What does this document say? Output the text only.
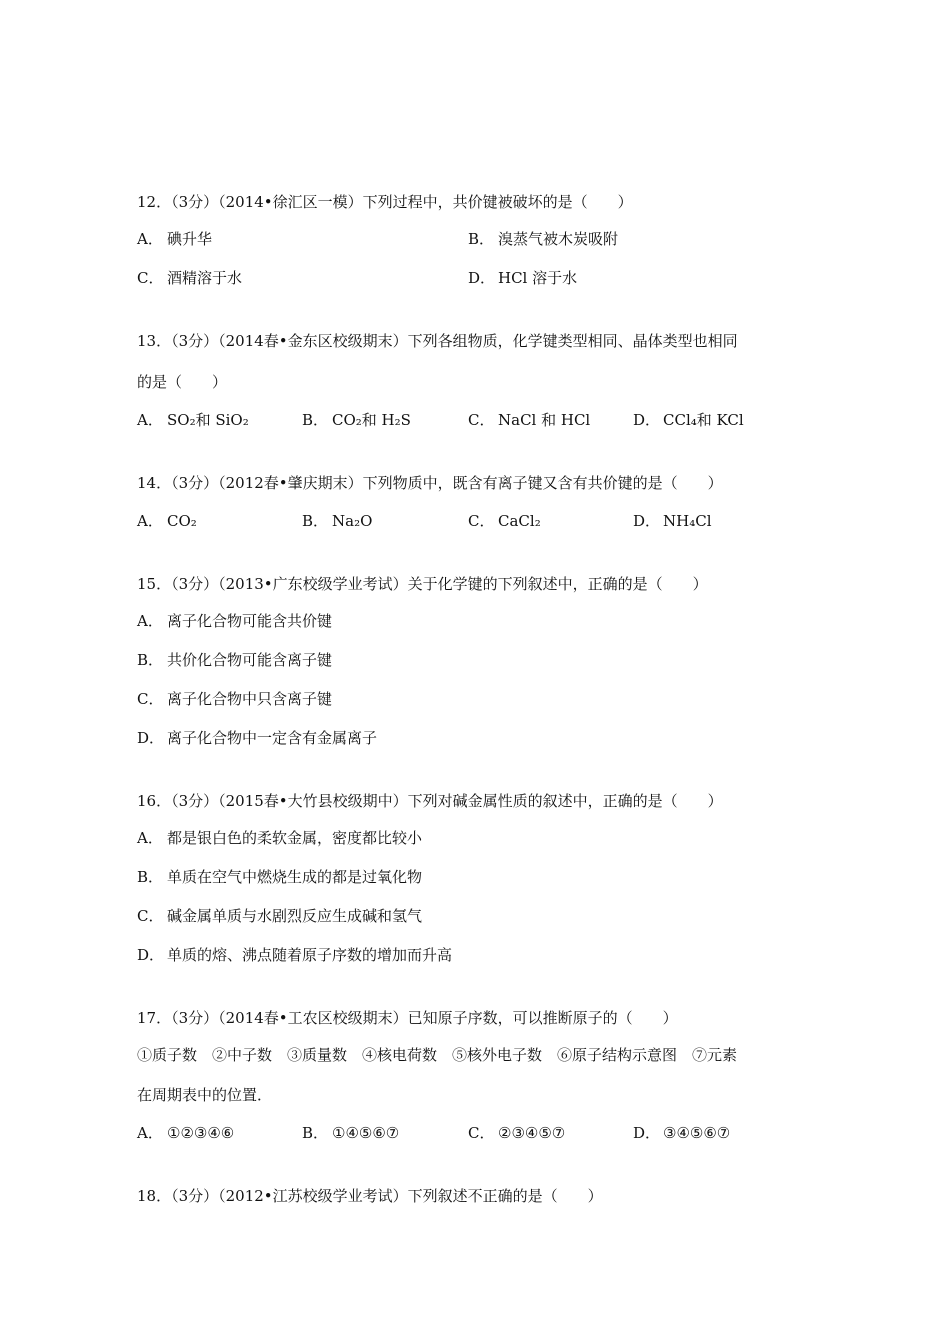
12．（3分）（2014•徐汇区一模）下列过程中，共价键被破坏的是（　　）
A． 碘升华	B． 溴蒸气被木炭吸附
C． 酒精溶于水	D． HCl 溶于水
13．（3分）（2014春•金东区校级期末）下列各组物质，化学键类型相同、晶体类型也相同
的是（　　）
A． SO₂和 SiO₂	B． CO₂和 H₂S	C． NaCl 和 HCl	D． CCl₄和 KCl
14．（3分）（2012春•肇庆期末）下列物质中，既含有离子键又含有共价键的是（　　）
A． CO₂	B． Na₂O	C． CaCl₂	D． NH₄Cl
15．（3分）（2013•广东校级学业考试）关于化学键的下列叙述中，正确的是（　　）
A． 离子化合物可能含共价键
B． 共价化合物可能含离子键
C． 离子化合物中只含离子键
D． 离子化合物中一定含有金属离子
16．（3分）（2015春•大竹县校级期中）下列对碱金属性质的叙述中，正确的是（　　）
A． 都是银白色的柔软金属，密度都比较小
B． 单质在空气中燃烧生成的都是过氧化物
C． 碱金属单质与水剧烈反应生成碱和氢气
D． 单质的熔、沸点随着原子序数的增加而升高
17．（3分）（2014春•工农区校级期末）已知原子序数，可以推断原子的（　　）
①质子数　②中子数　③质量数　④核电荷数　⑤核外电子数　⑥原子结构示意图　⑦元素
在周期表中的位置．
A． ①②③④⑥	B． ①④⑤⑥⑦	C． ②③④⑤⑦	D． ③④⑤⑥⑦
18．（3分）（2012•江苏校级学业考试）下列叙述不正确的是（　　）
